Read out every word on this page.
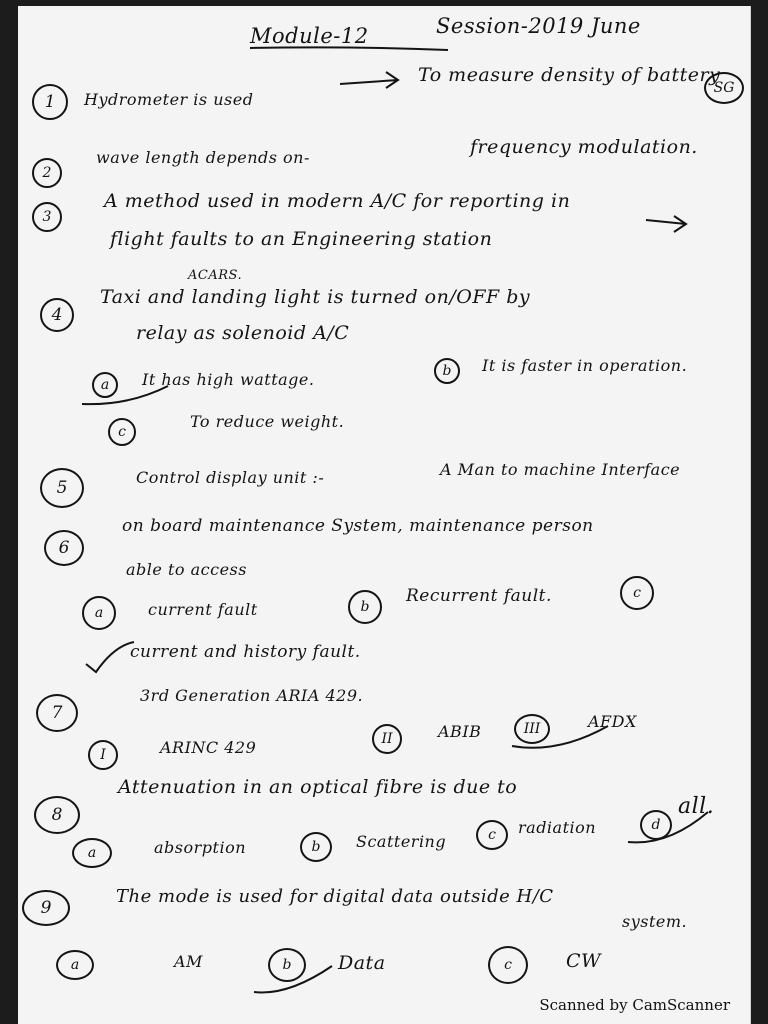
Module-12	Session-2019 June
1	Hydrometer is used
To measure density of battery
SG
2
wave length depends on-	frequency modulation.
3
A method used in modern A/C for reporting in
flight faults to an Engineering station
ACARS.
4
Taxi and landing light is turned on/OFF by
relay as solenoid A/C
a	It has high wattage.	b	It is faster in operation.
c
To reduce weight.
5
Control display unit :-	A Man to machine Interface
6
on board maintenance System, maintenance person
able to access
a	current fault	b
Recurrent fault.	c
current and history fault.
7
3rd Generation ARIA 429.
I	ARINC 429	II	ABIB	III	AFDX
8
Attenuation in an optical fibre is due to
a	absorption	b	Scattering	c	radiation	d
all.
9
The mode is used for digital data outside H/C
system.
a	AM	b	Data	c	CW
Scanned by CamScanner
